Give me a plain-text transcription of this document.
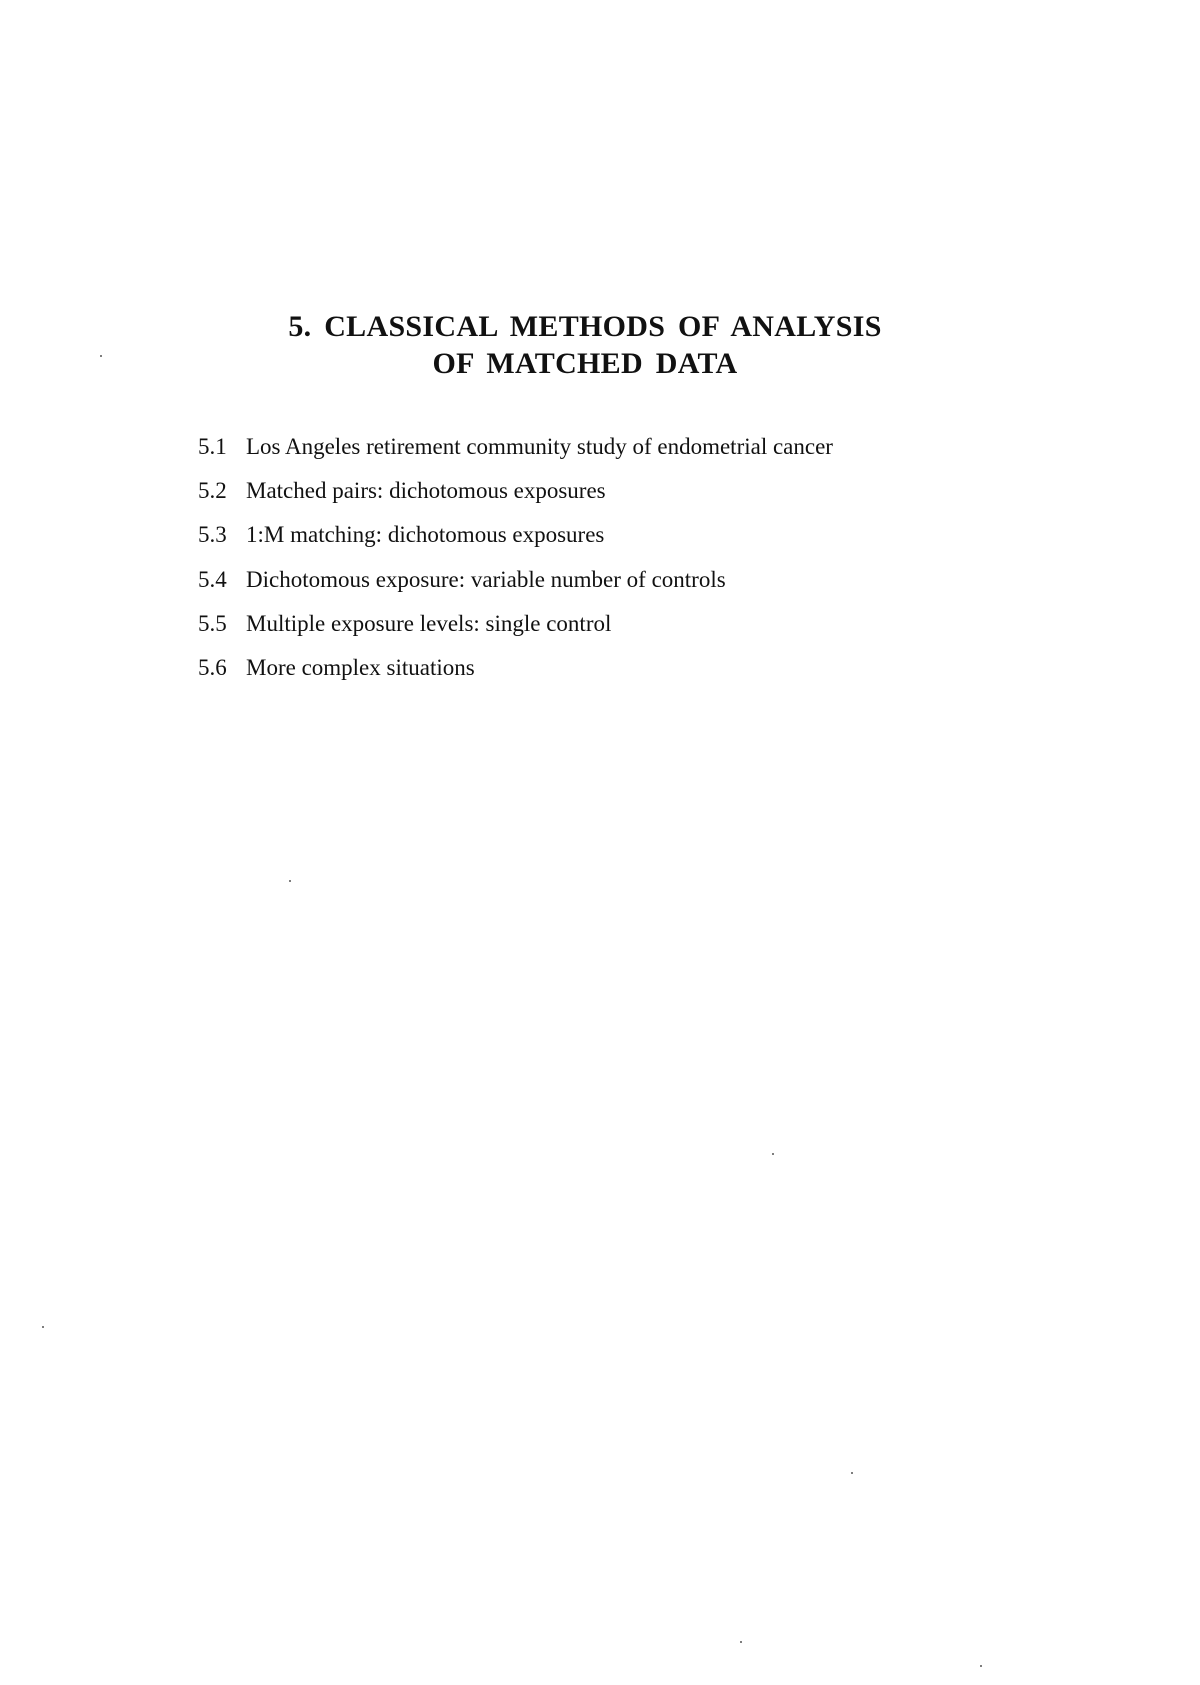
5. CLASSICAL METHODS OF ANALYSIS
OF MATCHED DATA
5.1 Los Angeles retirement community study of endometrial cancer
5.2 Matched pairs: dichotomous exposures
5.3 1:M matching: dichotomous exposures
5.4 Dichotomous exposure: variable number of controls
5.5 Multiple exposure levels: single control
5.6 More complex situations
